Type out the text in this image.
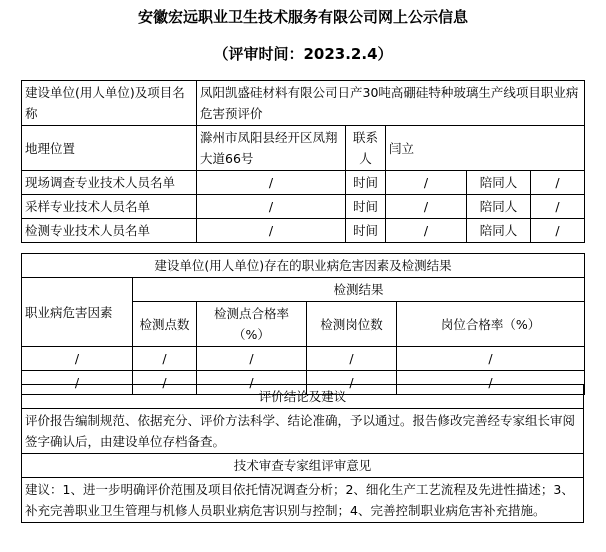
安徽宏远职业卫生技术服务有限公司网上公示信息
（评审时间：2023.2.4）
建设单位(用人单位)及项目名称	凤阳凯盛硅材料有限公司日产30吨高硼硅特种玻璃生产线项目职业病危害预评价				
地理位置	滁州市凤阳县经开区凤翔大道66号	联系人	闫立		
现场调查专业技术人员名单	/	时间	/	陪同人	/
采样专业技术人员名单	/	时间	/	陪同人	/
检测专业技术人员名单	/	时间	/	陪同人	/
建设单位(用人单位)存在的职业病危害因素及检测结果				
职业病危害因素	检测结果			
	检测点数	检测点合格率（%）	检测岗位数	岗位合格率（%）
/	/	/	/	/
/	/	/	/	/
评价结论及建议
评价报告编制规范、依据充分、评价方法科学、结论准确，予以通过。报告修改完善经专家组长审阅签字确认后，由建设单位存档备查。
技术审查专家组评审意见
建议：1、进一步明确评价范围及项目依托情况调查分析；2、细化生产工艺流程及先进性描述；3、补充完善职业卫生管理与机修人员职业病危害识别与控制；4、完善控制职业病危害补充措施。
